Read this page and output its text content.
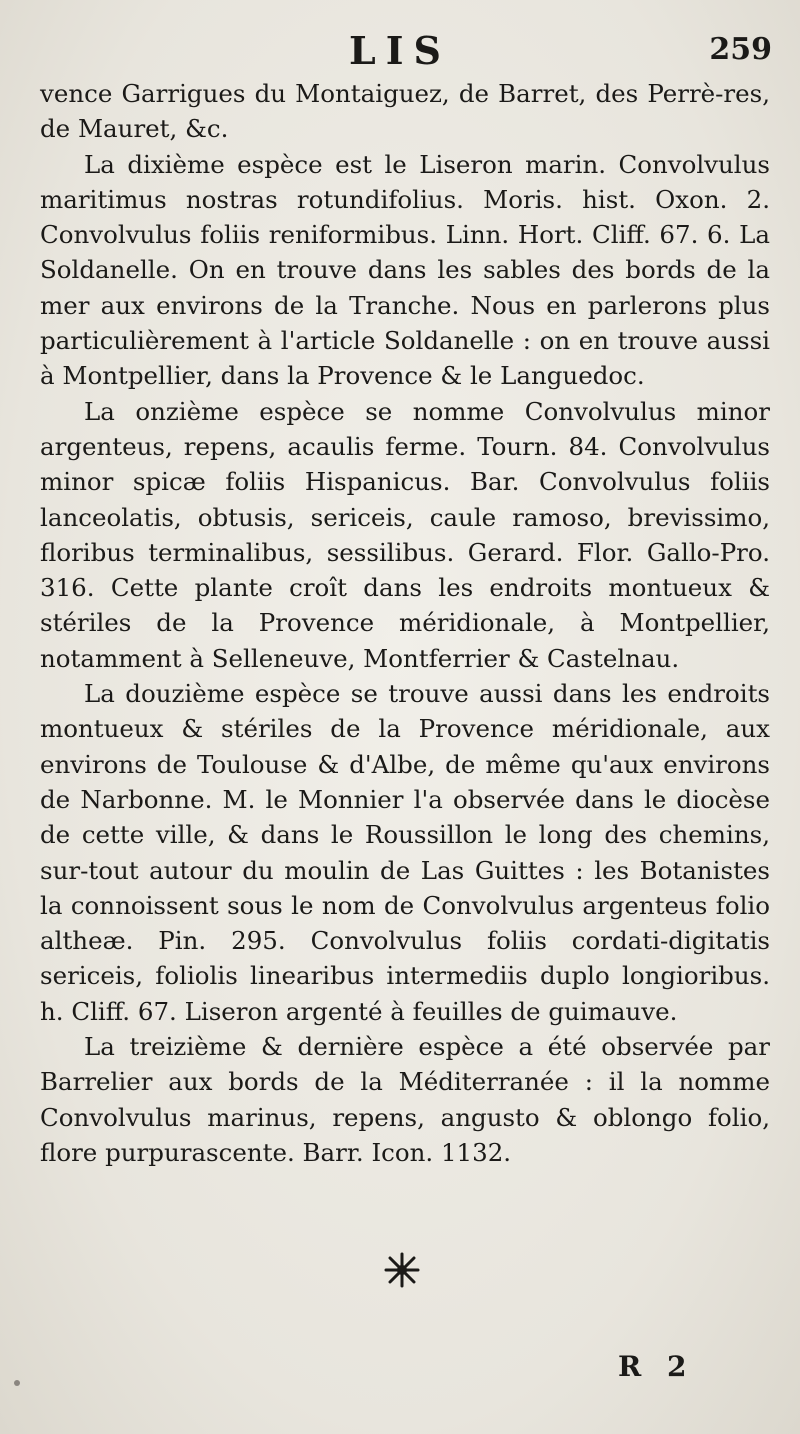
LIS	259

vence Garrigues du Montaiguez, de Barret, des Perrè-res, de Mauret, &c.

La dixième espèce est le Liseron marin. Convolvulus maritimus nostras rotundifolius. Moris. hist. Oxon. 2. Convolvulus foliis reniformibus. Linn. Hort. Cliff. 67. 6. La Soldanelle. On en trouve dans les sables des bords de la mer aux environs de la Tranche. Nous en parlerons plus particulièrement à l'article Soldanelle : on en trouve aussi à Montpellier, dans la Provence & le Languedoc.

La onzième espèce se nomme Convolvulus minor argenteus, repens, acaulis ferme. Tourn. 84. Convolvulus minor spicæ foliis Hispanicus. Bar. Convolvulus foliis lanceolatis, obtusis, sericeis, caule ramoso, brevissimo, floribus terminalibus, sessilibus. Gerard. Flor. Gallo-Pro. 316. Cette plante croît dans les endroits montueux & stériles de la Provence méridionale, à Montpellier, notamment à Selleneuve, Montferrier & Castelnau.

La douzième espèce se trouve aussi dans les endroits montueux & stériles de la Provence méridionale, aux environs de Toulouse & d'Albe, de même qu'aux environs de Narbonne. M. le Monnier l'a observée dans le diocèse de cette ville, & dans le Roussillon le long des chemins, sur-tout autour du moulin de Las Guittes : les Botanistes la connoissent sous le nom de Convolvulus argenteus folio altheæ. Pin. 295. Convolvulus foliis cordati-digitatis sericeis, foliolis linearibus intermediis duplo longioribus. h. Cliff. 67. Liseron argenté à feuilles de guimauve.

La treizième & dernière espèce a été observée par Barrelier aux bords de la Méditerranée : il la nomme Convolvulus marinus, repens, angusto & oblongo folio, flore purpurascente. Barr. Icon. 1132.

R 2
